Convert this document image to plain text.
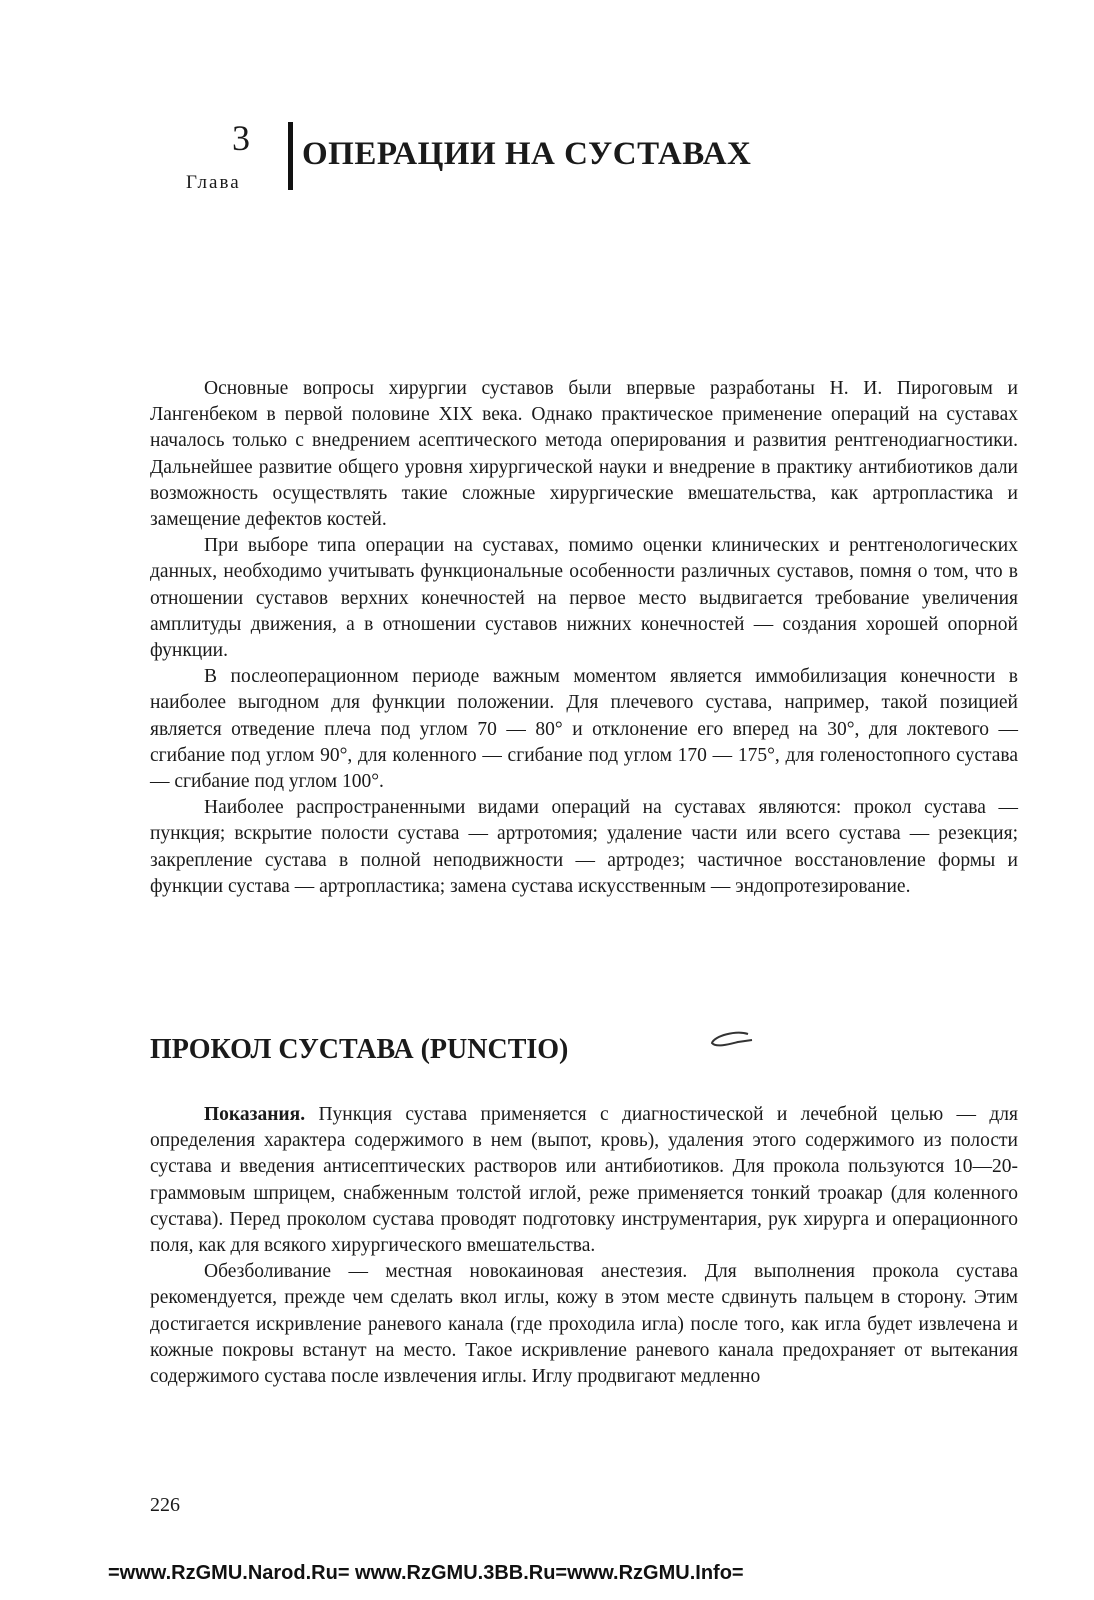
3
Глава
ОПЕРАЦИИ НА СУСТАВАХ

Основные вопросы хирургии суставов были впервые разработаны Н. И. Пироговым и Лангенбеком в первой половине XIX века. Однако практическое применение операций на суставах началось только с внедрением асептического метода оперирования и развития рентгенодиагностики. Дальнейшее развитие общего уровня хирургической науки и внедрение в практику антибиотиков дали возможность осуществлять такие сложные хирургические вмешательства, как артропластика и замещение дефектов костей.

При выборе типа операции на суставах, помимо оценки клинических и рентгенологических данных, необходимо учитывать функциональные особенности различных суставов, помня о том, что в отношении суставов верхних конечностей на первое место выдвигается требование увеличения амплитуды движения, а в отношении суставов нижних конечностей — создания хорошей опорной функции.

В послеоперационном периоде важным моментом является иммобилизация конечности в наиболее выгодном для функции положении. Для плечевого сустава, например, такой позицией является отведение плеча под углом 70 — 80° и отклонение его вперед на 30°, для локтевого — сгибание под углом 90°, для коленного — сгибание под углом 170 — 175°, для голеностопного сустава — сгибание под углом 100°.

Наиболее распространенными видами операций на суставах являются: прокол сустава — пункция; вскрытие полости сустава — артротомия; удаление части или всего сустава — резекция; закрепление сустава в полной неподвижности — артродез; частичное восстановление формы и функции сустава — артропластика; замена сустава искусственным — эндопротезирование.

ПРОКОЛ СУСТАВА (PUNCTIO)

Показания. Пункция сустава применяется с диагностической и лечебной целью — для определения характера содержимого в нем (выпот, кровь), удаления этого содержимого из полости сустава и введения антисептических растворов или антибиотиков. Для прокола пользуются 10—20-граммовым шприцем, снабженным толстой иглой, реже применяется тонкий троакар (для коленного сустава). Перед проколом сустава проводят подготовку инструментария, рук хирурга и операционного поля, как для всякого хирургического вмешательства.

Обезболивание — местная новокаиновая анестезия. Для выполнения прокола сустава рекомендуется, прежде чем сделать вкол иглы, кожу в этом месте сдвинуть пальцем в сторону. Этим достигается искривление раневого канала (где проходила игла) после того, как игла будет извлечена и кожные покровы встанут на место. Такое искривление раневого канала предохраняет от вытекания содержимого сустава после извлечения иглы. Иглу продвигают медленно

226
=www.RzGMU.Narod.Ru= www.RzGMU.3BB.Ru=www.RzGMU.Info=
